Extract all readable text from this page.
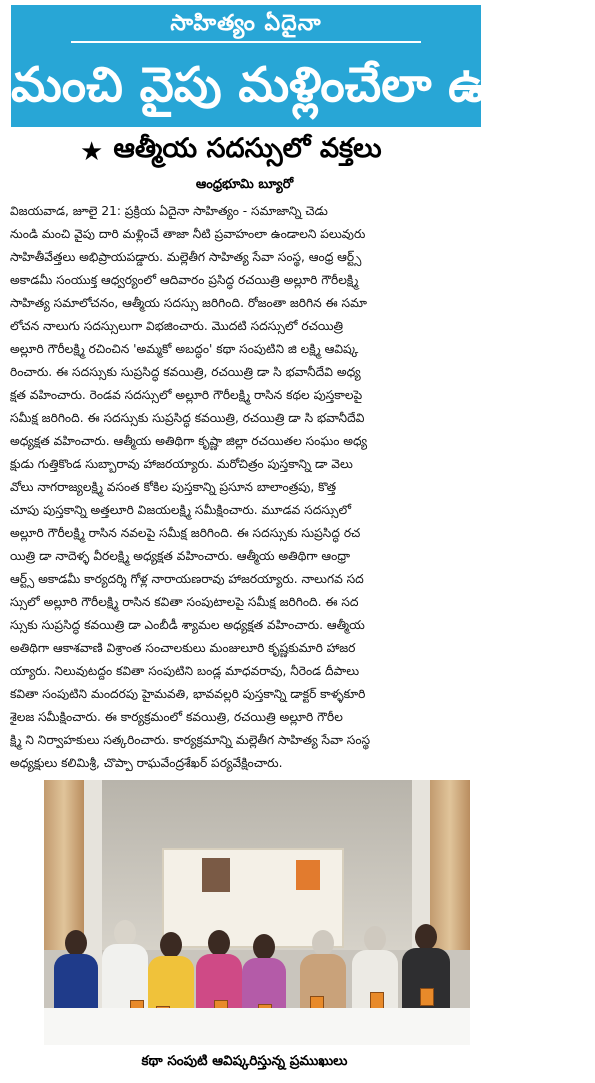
సాహిత్యం ఏదైనా
మంచి వైపు మళ్లించేలా ఉండాలి
★ ఆత్మీయ సదస్సులో వక్తలు
ఆంధ్రభూమి బ్యూరో
విజయవాడ, జూలై 21: ప్రక్రియ ఏదైనా సాహిత్యం - సమాజాన్ని చెడు
నుండి మంచి వైపు దారి మళ్లించే తాజా నీటి ప్రవాహంలా ఉండాలని పలువురు
సాహితీవేత్తలు అభిప్రాయపడ్డారు. మల్లెతీగ సాహిత్య సేవా సంస్థ, ఆంధ్ర ఆర్ట్స్
అకాడమీ సంయుక్త ఆధ్వర్యంలో ఆదివారం ప్రసిద్ధ రచయిత్రి అల్లూరి గౌరీలక్ష్మి
సాహిత్య సమాలోచనం, ఆత్మీయ సదస్సు జరిగింది. రోజంతా జరిగిన ఈ సమా
లోచన నాలుగు సదస్సులుగా విభజించారు. మొదటి సదస్సులో రచయిత్రి
అల్లూరి గౌరీలక్ష్మి రచించిన 'అమ్మకో అబద్ధం' కథా సంపుటిని జి లక్ష్మి ఆవిష్క
రించారు. ఈ సదస్సుకు సుప్రసిద్ధ కవయిత్రి, రచయిత్రి డా సి భవానీదేవి అధ్య
క్షత వహించారు. రెండవ సదస్సులో అల్లూరి గౌరీలక్ష్మి రాసిన కథల పుస్తకాలపై
సమీక్ష జరిగింది. ఈ సదస్సుకు సుప్రసిద్ధ కవయిత్రి, రచయిత్రి డా సి భవానీదేవి
అధ్యక్షత వహించారు. ఆత్మీయ అతిథిగా కృష్ణా జిల్లా రచయితల సంఘం అధ్య
క్షుడు గుత్తికొండ సుబ్బారావు హాజరయ్యారు. మరోచిత్రం పుస్తకాన్ని డా వెలు
వోలు నాగరాజ్యలక్ష్మి వసంత కోకిల పుస్తకాన్ని ప్రసూన బాలాంత్రపు, కొత్త
చూపు పుస్తకాన్ని అత్తలూరి విజయలక్ష్మి సమీక్షించారు. మూడవ సదస్సులో
అల్లూరి గౌరీలక్ష్మి రాసిన నవలపై సమీక్ష జరిగింది. ఈ సదస్సుకు సుప్రసిద్ధ రచ
యిత్రి డా నాదెళ్ళ వీరలక్ష్మి అధ్యక్షత వహించారు. ఆత్మీయ అతిథిగా ఆంధ్రా
ఆర్ట్స్ అకాడమీ కార్యదర్శి గోళ్ల నారాయణరావు హాజరయ్యారు. నాలుగవ సద
స్సులో అల్లూరి గౌరీలక్ష్మి రాసిన కవితా సంపుటాలపై సమీక్ష జరిగింది. ఈ సద
స్సుకు సుప్రసిద్ధ కవయిత్రి డా ఎంబీడీ శ్యామల అధ్యక్షత వహించారు. ఆత్మీయ
అతిథిగా ఆకాశవాణి విశ్రాంత సంచాలకులు మంజులూరి కృష్ణకుమారి హాజర
య్యారు. నిలువుటద్దం కవితా సంపుటిని బండ్ల మాధవరావు, నీరెండ దీపాలు
కవితా సంపుటిని మందరపు హైమవతి, భావవల్లరి పుస్తకాన్ని డాక్టర్ కాళ్ళకూరి
శైలజ సమీక్షించారు. ఈ కార్యక్రమంలో కవయిత్రి, రచయిత్రి అల్లూరి గౌరీల
క్ష్మి ని నిర్వాహకులు సత్కరించారు. కార్యక్రమాన్ని మల్లెతీగ సాహిత్య సేవా సంస్థ
అధ్యక్షులు కలిమిశ్రీ, చొప్పా రాఘవేంద్రశేఖర్ పర్యవేక్షించారు.
కథా సంపుటి ఆవిష్కరిస్తున్న ప్రముఖులు
